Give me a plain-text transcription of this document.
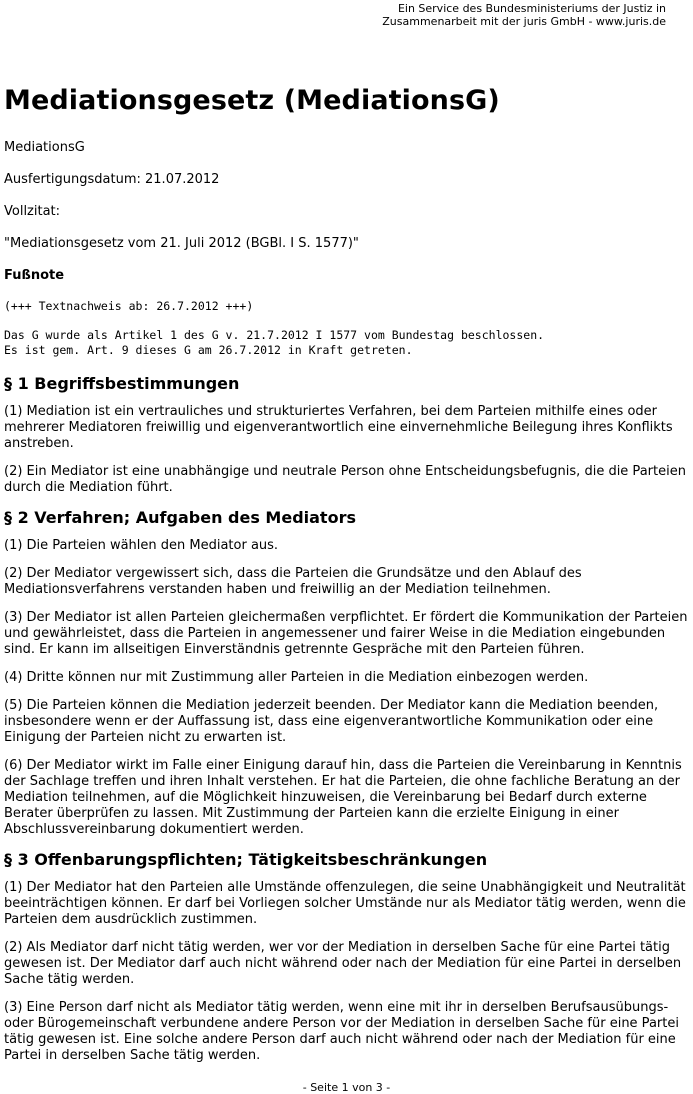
Ein Service des Bundesministeriums der Justiz in
Zusammenarbeit mit der juris GmbH - www.juris.de
Mediationsgesetz (MediationsG)
MediationsG
Ausfertigungsdatum: 21.07.2012
Vollzitat:
"Mediationsgesetz vom 21. Juli 2012 (BGBl. I S. 1577)"
Fußnote
(+++ Textnachweis ab: 26.7.2012 +++)
Das G wurde als Artikel 1 des G v. 21.7.2012 I 1577 vom Bundestag beschlossen.
Es ist gem. Art. 9 dieses G am 26.7.2012 in Kraft getreten.
§ 1 Begriffsbestimmungen

(1) Mediation ist ein vertrauliches und strukturiertes Verfahren, bei dem Parteien mithilfe eines oder mehrerer Mediatoren freiwillig und eigenverantwortlich eine einvernehmliche Beilegung ihres Konflikts anstreben.

(2) Ein Mediator ist eine unabhängige und neutrale Person ohne Entscheidungsbefugnis, die die Parteien durch die Mediation führt.

§ 2 Verfahren; Aufgaben des Mediators

(1) Die Parteien wählen den Mediator aus.

(2) Der Mediator vergewissert sich, dass die Parteien die Grundsätze und den Ablauf des Mediationsverfahrens verstanden haben und freiwillig an der Mediation teilnehmen.

(3) Der Mediator ist allen Parteien gleichermaßen verpflichtet. Er fördert die Kommunikation der Parteien und gewährleistet, dass die Parteien in angemessener und fairer Weise in die Mediation eingebunden sind. Er kann im allseitigen Einverständnis getrennte Gespräche mit den Parteien führen.

(4) Dritte können nur mit Zustimmung aller Parteien in die Mediation einbezogen werden.

(5) Die Parteien können die Mediation jederzeit beenden. Der Mediator kann die Mediation beenden, insbesondere wenn er der Auffassung ist, dass eine eigenverantwortliche Kommunikation oder eine Einigung der Parteien nicht zu erwarten ist.

(6) Der Mediator wirkt im Falle einer Einigung darauf hin, dass die Parteien die Vereinbarung in Kenntnis der Sachlage treffen und ihren Inhalt verstehen. Er hat die Parteien, die ohne fachliche Beratung an der Mediation teilnehmen, auf die Möglichkeit hinzuweisen, die Vereinbarung bei Bedarf durch externe Berater überprüfen zu lassen. Mit Zustimmung der Parteien kann die erzielte Einigung in einer Abschlussvereinbarung dokumentiert werden.

§ 3 Offenbarungspflichten; Tätigkeitsbeschränkungen

(1) Der Mediator hat den Parteien alle Umstände offenzulegen, die seine Unabhängigkeit und Neutralität beeinträchtigen können. Er darf bei Vorliegen solcher Umstände nur als Mediator tätig werden, wenn die Parteien dem ausdrücklich zustimmen.

(2) Als Mediator darf nicht tätig werden, wer vor der Mediation in derselben Sache für eine Partei tätig gewesen ist. Der Mediator darf auch nicht während oder nach der Mediation für eine Partei in derselben Sache tätig werden.

(3) Eine Person darf nicht als Mediator tätig werden, wenn eine mit ihr in derselben Berufsausübungs- oder Bürogemeinschaft verbundene andere Person vor der Mediation in derselben Sache für eine Partei tätig gewesen ist. Eine solche andere Person darf auch nicht während oder nach der Mediation für eine Partei in derselben Sache tätig werden.

- Seite 1 von 3 -
